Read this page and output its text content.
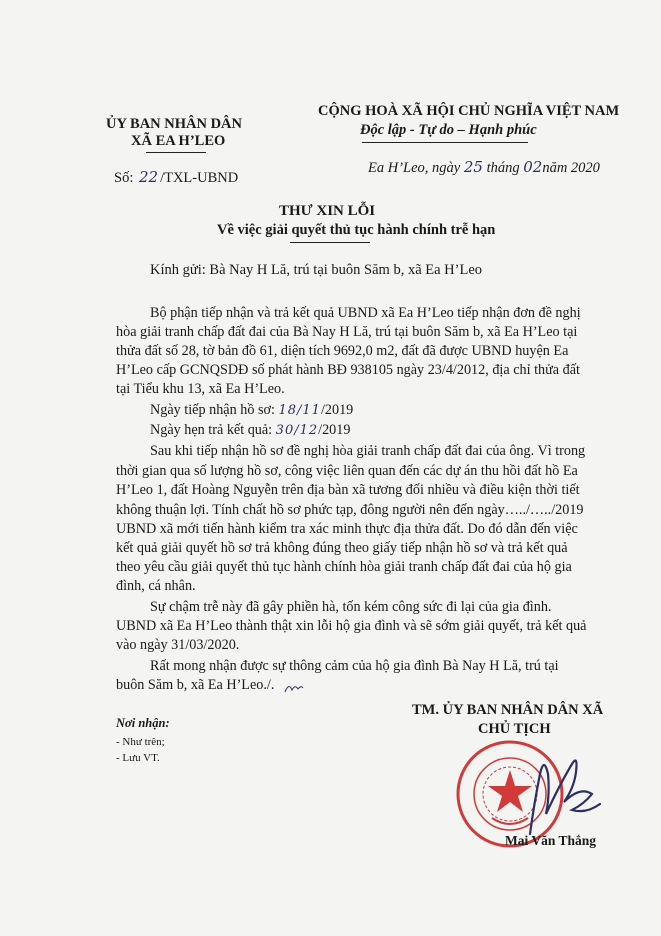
ỦY BAN NHÂN DÂN
XÃ EA H’LEO
CỘNG HOÀ XÃ HỘI CHỦ NGHĨA VIỆT NAM
Độc lập - Tự do – Hạnh phúc
Số: 22 /TXL-UBND
Ea H’Leo, ngày 25 tháng 02năm 2020
THƯ XIN LỖI
Về việc giải quyết thủ tục hành chính trễ hạn
Kính gửi: Bà Nay H Lă, trú tại buôn Săm b, xã Ea H’Leo
Bộ phận tiếp nhận và trả kết quả UBND xã Ea H’Leo tiếp nhận đơn đề nghị
hòa giải tranh chấp đất đai của Bà Nay H Lă, trú tại buôn Săm b, xã Ea H’Leo tại
thửa đất số 28, tờ bản đồ 61, diện tích 9692,0 m2, đất đã được UBND huyện Ea
H’Leo cấp GCNQSDĐ số phát hành BĐ 938105 ngày 23/4/2012, địa chỉ thửa đất
tại Tiểu khu 13, xã Ea H’Leo.
Ngày tiếp nhận hồ sơ: 18/11/2019
Ngày hẹn trả kết quả: 30/12/2019
Sau khi tiếp nhận hồ sơ đề nghị hòa giải tranh chấp đất đai của ông. Vì trong
thời gian qua số lượng hồ sơ, công việc liên quan đến các dự án thu hồi đất hồ Ea
H’Leo 1, đất Hoàng Nguyễn trên địa bàn xã tương đối nhiều và điều kiện thời tiết
không thuận lợi. Tính chất hồ sơ phức tạp, đông người nên đến ngày…../…../2019
UBND xã mới tiến hành kiểm tra xác minh thực địa thửa đất. Do đó dẫn đến việc
kết quả giải quyết hồ sơ trả không đúng theo giấy tiếp nhận hồ sơ và trả kết quả
theo yêu cầu giải quyết thủ tục hành chính hòa giải tranh chấp đất đai của hộ gia
đình, cá nhân.
Sự chậm trễ này đã gây phiền hà, tốn kém công sức đi lại của gia đình.
UBND xã Ea H’Leo thành thật xin lỗi hộ gia đình và sẽ sớm giải quyết, trả kết quả
vào ngày 31/03/2020.
Rất mong nhận được sự thông cảm của hộ gia đình Bà Nay H Lă, trú tại
buôn Săm b, xã Ea H’Leo./.
Nơi nhận:
- Như trên;
- Lưu VT.
TM. ỦY BAN NHÂN DÂN XÃ
CHỦ TỊCH
Mai Văn Thắng
